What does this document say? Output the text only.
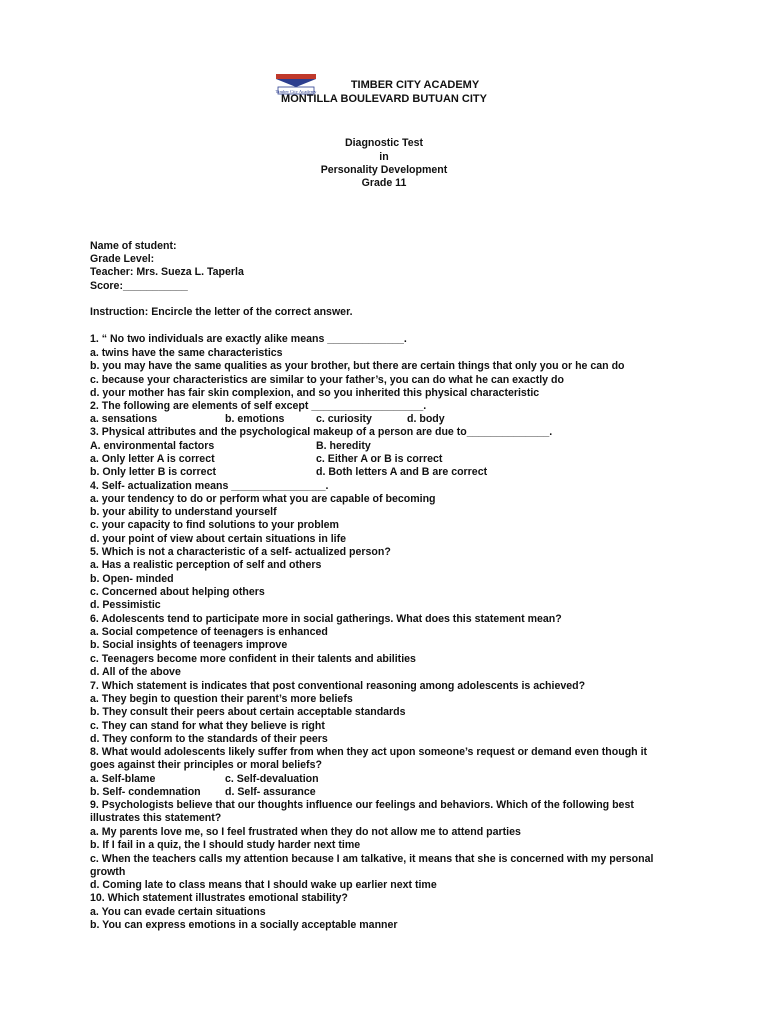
Timber City Academy
TIMBER CITY ACADEMY
MONTILLA BOULEVARD BUTUAN CITY
Diagnostic Test
in
Personality Development
Grade 11
Name of student:
Grade Level:
Teacher: Mrs. Sueza L. Taperla
Score:___________
Instruction: Encircle the letter of the correct answer.
1. “ No two individuals are exactly alike means _____________.
a. twins have the same characteristics
b. you may have the same qualities as your brother, but there are certain things that only you or he can do
c. because your characteristics are similar to your father’s, you can do what he can exactly do
d. your mother has fair skin complexion, and so you inherited this physical characteristic
2. The following are elements of self except ___________________.
a. sensations	b. emotions	c. curiosity	d. body
3. Physical attributes and the psychological makeup of a person are due to______________.
A. environmental factors	B. heredity
a. Only letter A is correct	c. Either A or B is correct
b. Only letter B is correct	d. Both letters A and B are correct
4. Self- actualization means ________________.
a. your tendency to do or perform what you are capable of becoming
b. your ability to understand yourself
c. your capacity to find solutions to your problem
d. your point of view about certain situations in life
5. Which is not a characteristic of a self- actualized person?
a. Has a realistic perception of self and others
b. Open- minded
c. Concerned about helping others
d. Pessimistic
6. Adolescents tend to participate more in social gatherings. What does this statement mean?
a. Social competence of teenagers is enhanced
b. Social insights of teenagers improve
c. Teenagers become more confident in their talents and abilities
d. All of the above
7. Which statement is indicates that post conventional reasoning among adolescents is achieved?
a. They begin to question their parent’s more beliefs
b. They consult their peers about certain acceptable standards
c. They can stand for what they believe is right
d. They conform to the standards of their peers
8. What would adolescents likely suffer from when they act upon someone’s request or demand even though it
goes against their principles or moral beliefs?
a. Self-blame	c. Self-devaluation
b. Self- condemnation d. Self- assurance
9. Psychologists believe that our thoughts influence our feelings and behaviors. Which of the following best
illustrates this statement?
a. My parents love me, so I feel frustrated when they do not allow me to attend parties
b. If I fail in a quiz, the I should study harder next time
c. When the teachers calls my attention because I am talkative, it means that she is concerned with my personal
growth
d. Coming late to class means that I should wake up earlier next time
10. Which statement illustrates emotional stability?
a. You can evade certain situations
b. You can express emotions in a socially acceptable manner
